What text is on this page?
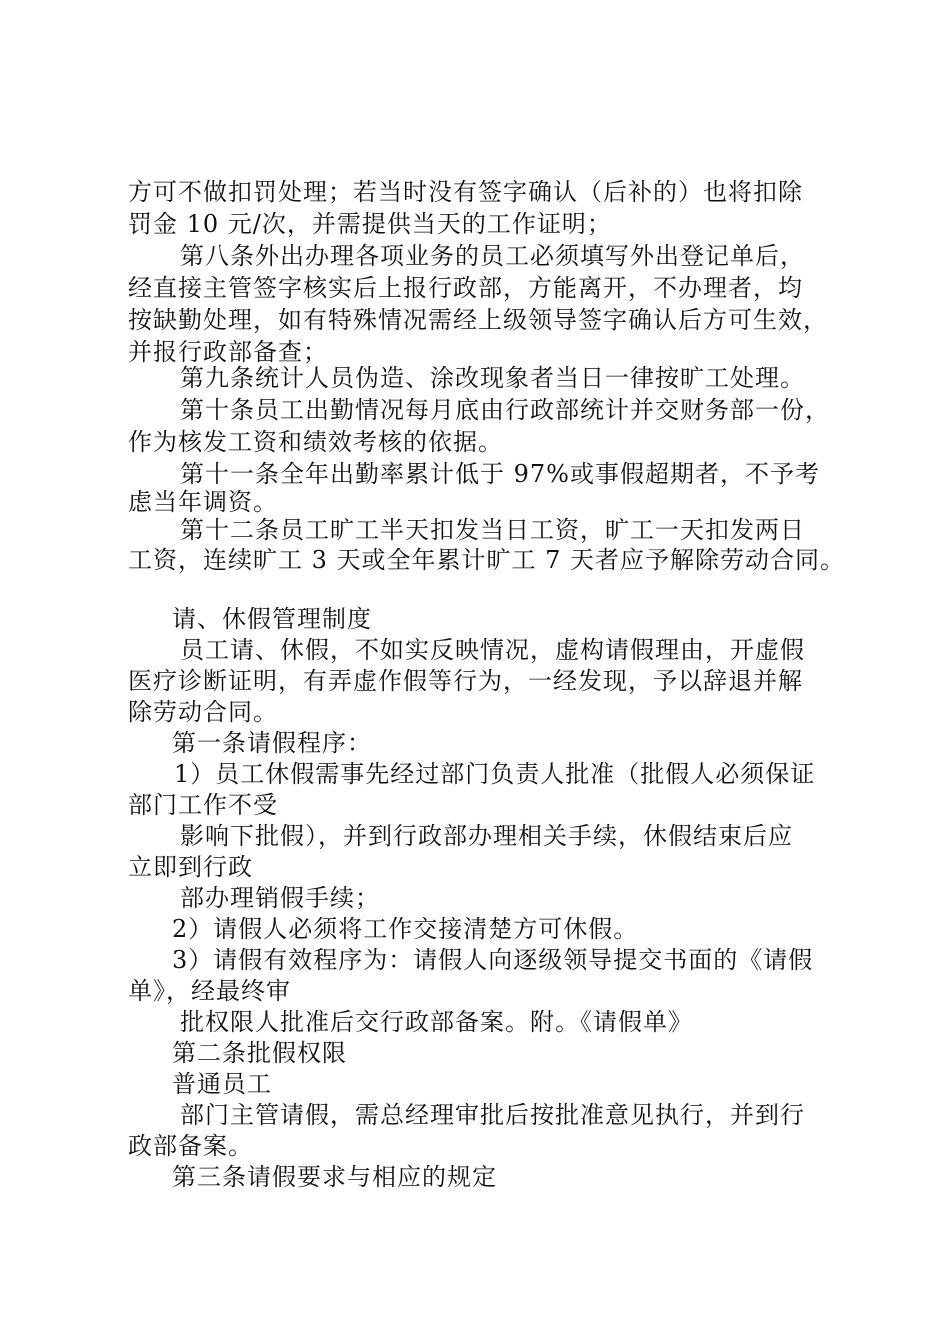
方可不做扣罚处理；若当时没有签字确认（后补的）也将扣除
罚金 10 元/次，并需提供当天的工作证明；
第八条外出办理各项业务的员工必须填写外出登记单后，
经直接主管签字核实后上报行政部，方能离开，不办理者，均
按缺勤处理，如有特殊情况需经上级领导签字确认后方可生效，
并报行政部备查；
第九条统计人员伪造、涂改现象者当日一律按旷工处理。
第十条员工出勤情况每月底由行政部统计并交财务部一份，
作为核发工资和绩效考核的依据。
第十一条全年出勤率累计低于 97%或事假超期者，不予考
虑当年调资。
第十二条员工旷工半天扣发当日工资，旷工一天扣发两日
工资，连续旷工 3 天或全年累计旷工 7 天者应予解除劳动合同。
请、休假管理制度
员工请、休假，不如实反映情况，虚构请假理由，开虚假
医疗诊断证明，有弄虚作假等行为，一经发现，予以辞退并解
除劳动合同。
第一条请假程序：
1）员工休假需事先经过部门负责人批准（批假人必须保证
部门工作不受
影响下批假），并到行政部办理相关手续，休假结束后应
立即到行政
部办理销假手续；
2）请假人必须将工作交接清楚方可休假。
3）请假有效程序为：请假人向逐级领导提交书面的《请假
单》，经最终审
批权限人批准后交行政部备案。附。《请假单》
第二条批假权限
普通员工
部门主管请假，需总经理审批后按批准意见执行，并到行
政部备案。
第三条请假要求与相应的规定
